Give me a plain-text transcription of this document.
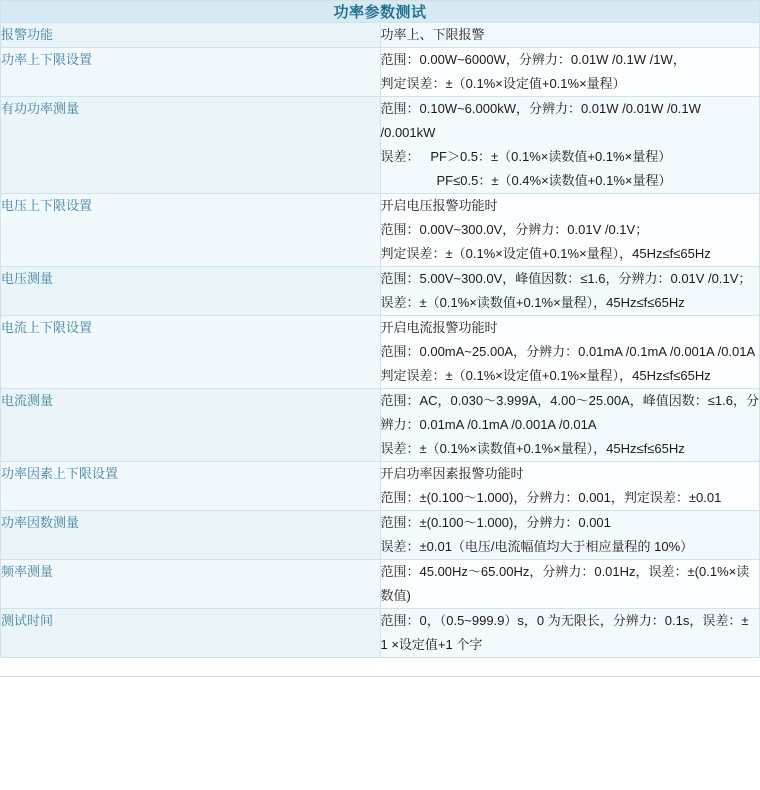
功率参数测试	
报警功能	功率上、下限报警

功率上下限设置	范围：0.00W~6000W，分辨力：0.01W /0.1W /1W，
判定误差：±（0.1%×设定值+0.1%×量程）

有功功率测量	范围：0.10W~6.000kW，分辨力：0.01W /0.01W /0.1W /0.001kW
误差：   PF＞0.5：±（0.1%×读数值+0.1%×量程）
PF≤0.5：±（0.4%×读数值+0.1%×量程）

电压上下限设置	开启电压报警功能时
范围：0.00V~300.0V，分辨力：0.01V /0.1V；
判定误差：±（0.1%×设定值+0.1%×量程），45Hz≤f≤65Hz

电压测量	范围：5.00V~300.0V，峰值因数：≤1.6，分辨力：0.01V /0.1V；
误差：±（0.1%×读数值+0.1%×量程），45Hz≤f≤65Hz

电流上下限设置	开启电流报警功能时
范围：0.00mA~25.00A，分辨力：0.01mA /0.1mA /0.001A /0.01A
判定误差：±（0.1%×设定值+0.1%×量程），45Hz≤f≤65Hz

电流测量	范围：AC，0.030～3.999A，4.00～25.00A，峰值因数：≤1.6，分辨力：0.01mA /0.1mA /0.001A /0.01A
误差：±（0.1%×读数值+0.1%×量程），45Hz≤f≤65Hz

功率因素上下限设置	开启功率因素报警功能时
范围：±(0.100～1.000)，分辨力：0.001，判定误差：±0.01

功率因数测量	范围：±(0.100～1.000)，分辨力：0.001
误差：±0.01（电压/电流幅值均大于相应量程的 10%）

频率测量	范围：45.00Hz～65.00Hz，分辨力：0.01Hz，误差：±(0.1%×读数值)

测试时间	范围：0，（0.5~999.9）s，0 为无限长，分辨力：0.1s，误差：± 1 ×设定值+1 个字
